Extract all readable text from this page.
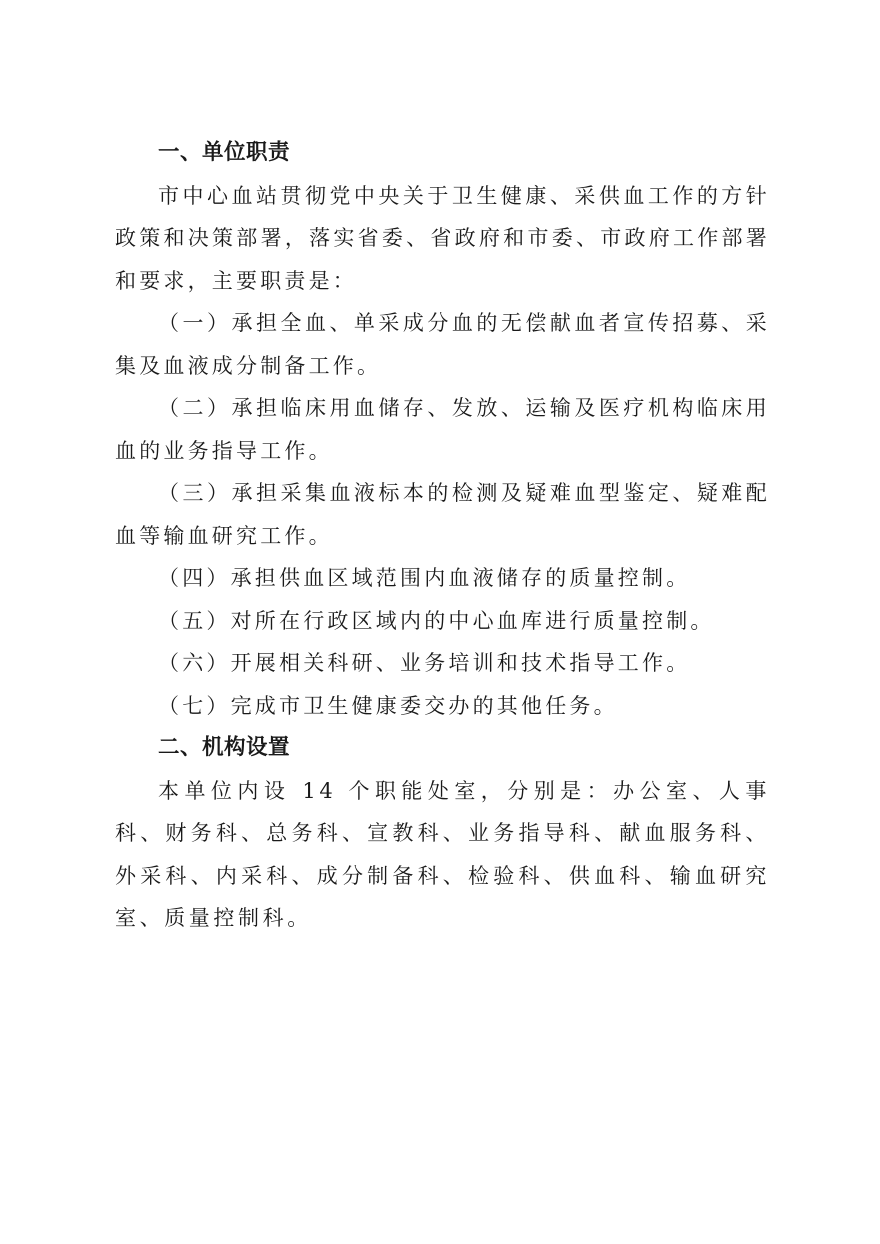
一、单位职责

市中心血站贯彻党中央关于卫生健康、采供血工作的方针政策和决策部署，落实省委、省政府和市委、市政府工作部署和要求，主要职责是：

（一）承担全血、单采成分血的无偿献血者宣传招募、采集及血液成分制备工作。

（二）承担临床用血储存、发放、运输及医疗机构临床用血的业务指导工作。

（三）承担采集血液标本的检测及疑难血型鉴定、疑难配血等输血研究工作。

（四）承担供血区域范围内血液储存的质量控制。

（五）对所在行政区域内的中心血库进行质量控制。

（六）开展相关科研、业务培训和技术指导工作。

（七）完成市卫生健康委交办的其他任务。

二、机构设置

本单位内设 14 个职能处室，分别是：办公室、人事科、财务科、总务科、宣教科、业务指导科、献血服务科、外采科、内采科、成分制备科、检验科、供血科、输血研究室、质量控制科。
